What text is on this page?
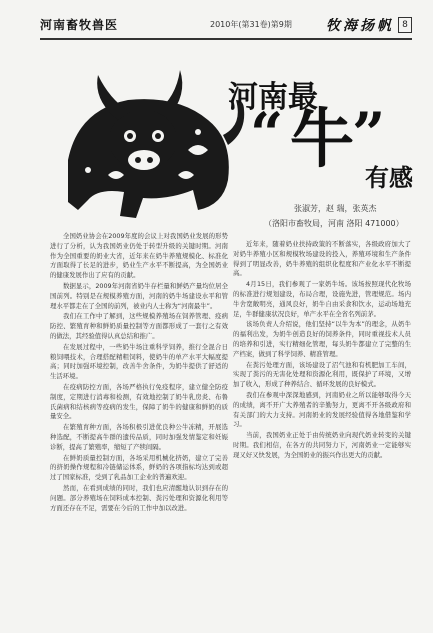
河南畜牧兽医	2010年(第31卷)第9期 牧海扬帆 8
河南最
“ 牛
”
有感
张淑芳，赵 瑞，张英杰
（洛阳市畜牧局，河南 洛阳 471000）

全国奶业协会在2009年度的会议上对我国奶业发展的形势进行了分析，认为我国奶业仍处于转型升级的关键时期。河南作为全国重要的奶业大省，近年来在奶牛养殖规模化、标准化方面取得了长足的进步，奶业生产水平不断提高，为全国奶业的健康发展作出了应有的贡献。

数据显示，2009年河南省奶牛存栏量和鲜奶产量均位居全国前列。特别是在规模养殖方面，河南的奶牛场建设水平和管理水平都走在了全国的前列，被业内人士称为“河南最牛”。

我们在工作中了解到，这些规模养殖场在饲养管理、疫病防控、繁殖育种和鲜奶质量控制等方面都形成了一套行之有效的做法，其经验值得认真总结和推广。

在发展过程中，一些奶牛场注重科学饲养，推行全混合日粮饲喂技术，合理搭配精粗饲料，使奶牛的单产水平大幅度提高；同时加强环境控制，改善牛舍条件，为奶牛提供了舒适的生活环境。

在疫病防控方面，各场严格执行免疫程序，建立健全防疫制度，定期进行消毒和检测，有效地控制了奶牛乳房炎、布鲁氏菌病和结核病等疫病的发生，保障了奶牛的健康和鲜奶的质量安全。

在繁殖育种方面，各场积极引进优良种公牛冻精，开展选种选配，不断提高牛群的遗传品质，同时加强发情鉴定和妊娠诊断，提高了繁殖率，缩短了产犊间隔。

在鲜奶质量控制方面，各场采用机械化挤奶，建立了完善的挤奶操作规程和冷链储运体系，鲜奶的各项指标均达到或超过了国家标准，受到了乳品加工企业的普遍欢迎。

然而，在看到成绩的同时，我们也应清醒地认识到存在的问题。部分养殖场在饲料成本控制、粪污处理和资源化利用等方面还存在不足，需要在今后的工作中加以改进。

近年来，随着奶业扶持政策的不断落实，各级政府加大了对奶牛养殖小区和规模牧场建设的投入，养殖环境和生产条件得到了明显改善，奶牛养殖的组织化程度和产业化水平不断提高。

4月15日，我们参观了一家奶牛场。该场按照现代化牧场的标准进行规划建设，布局合理，设施先进，管理规范。场内牛舍宽敞明亮，通风良好，奶牛自由采食和饮水，运动场地充足，牛群健康状况良好，单产水平在全省名列前茅。

该场负责人介绍说，他们坚持“以牛为本”的理念，从奶牛的福利出发，为奶牛创造良好的饲养条件，同时重视技术人员的培养和引进，实行精细化管理，每头奶牛都建立了完整的生产档案，做到了科学饲养、精准管理。

在粪污处理方面，该场建设了沼气池和有机肥加工车间，实现了粪污的无害化处理和资源化利用，既保护了环境，又增加了收入，形成了种养结合、循环发展的良好模式。

我们在参观中深深地感到，河南奶业之所以能够取得今天的成绩，离不开广大养殖者的辛勤努力，更离不开各级政府和有关部门的大力支持。河南奶业的发展经验值得各地借鉴和学习。

当前，我国奶业正处于由传统奶业向现代奶业转变的关键时期。我们相信，在各方的共同努力下，河南奶业一定能够实现又好又快发展，为全国奶业的振兴作出更大的贡献。
